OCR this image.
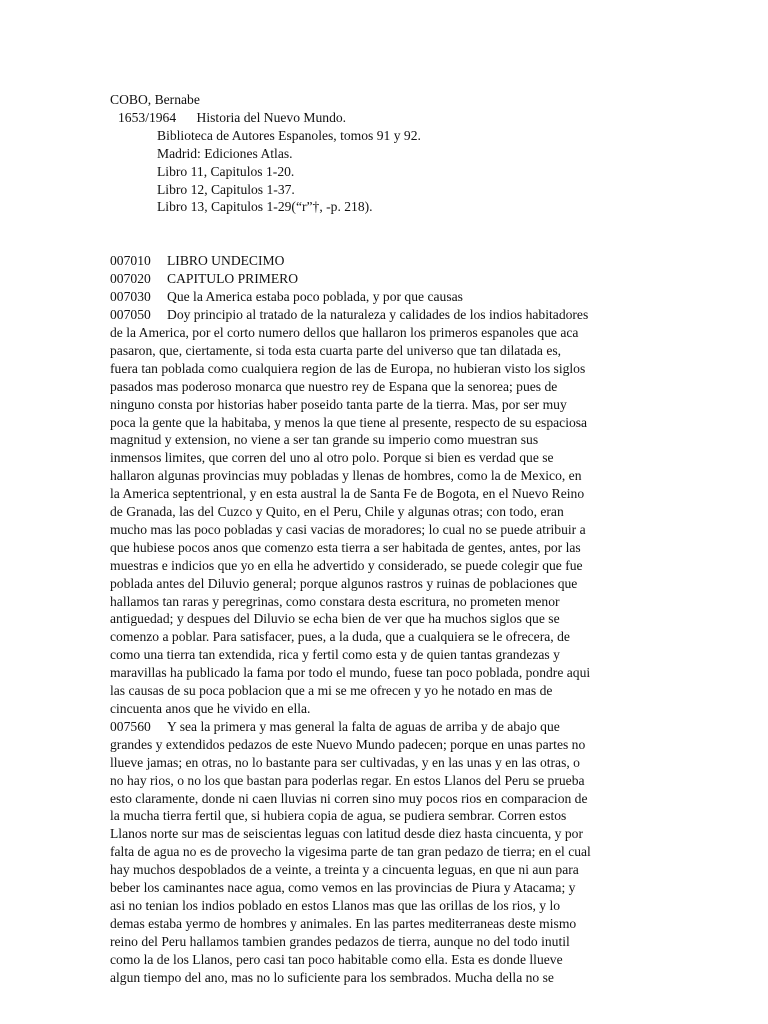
COBO, Bernabe
1653/1964 Historia del Nuevo Mundo.
Biblioteca de Autores Espanoles, tomos 91 y 92.
Madrid: Ediciones Atlas.
Libro 11, Capitulos 1-20.
Libro 12, Capitulos 1-37.
Libro 13, Capitulos 1-29(“r”†, -p. 218).
007010 LIBRO UNDECIMO
007020 CAPITULO PRIMERO
007030 Que la America estaba poco poblada, y por que causas
007050 Doy principio al tratado de la naturaleza y calidades de los indios habitadores
de la America, por el corto numero dellos que hallaron los primeros espanoles que aca
pasaron, que, ciertamente, si toda esta cuarta parte del universo que tan dilatada es,
fuera tan poblada como cualquiera region de las de Europa, no hubieran visto los siglos
pasados mas poderoso monarca que nuestro rey de Espana que la senorea; pues de
ninguno consta por historias haber poseido tanta parte de la tierra. Mas, por ser muy
poca la gente que la habitaba, y menos la que tiene al presente, respecto de su espaciosa
magnitud y extension, no viene a ser tan grande su imperio como muestran sus
inmensos limites, que corren del uno al otro polo. Porque si bien es verdad que se
hallaron algunas provincias muy pobladas y llenas de hombres, como la de Mexico, en
la America septentrional, y en esta austral la de Santa Fe de Bogota, en el Nuevo Reino
de Granada, las del Cuzco y Quito, en el Peru, Chile y algunas otras; con todo, eran
mucho mas las poco pobladas y casi vacias de moradores; lo cual no se puede atribuir a
que hubiese pocos anos que comenzo esta tierra a ser habitada de gentes, antes, por las
muestras e indicios que yo en ella he advertido y considerado, se puede colegir que fue
poblada antes del Diluvio general; porque algunos rastros y ruinas de poblaciones que
hallamos tan raras y peregrinas, como constara desta escritura, no prometen menor
antiguedad; y despues del Diluvio se echa bien de ver que ha muchos siglos que se
comenzo a poblar. Para satisfacer, pues, a la duda, que a cualquiera se le ofrecera, de
como una tierra tan extendida, rica y fertil como esta y de quien tantas grandezas y
maravillas ha publicado la fama por todo el mundo, fuese tan poco poblada, pondre aqui
las causas de su poca poblacion que a mi se me ofrecen y yo he notado en mas de
cincuenta anos que he vivido en ella.
007560 Y sea la primera y mas general la falta de aguas de arriba y de abajo que
grandes y extendidos pedazos de este Nuevo Mundo padecen; porque en unas partes no
llueve jamas; en otras, no lo bastante para ser cultivadas, y en las unas y en las otras, o
no hay rios, o no los que bastan para poderlas regar. En estos Llanos del Peru se prueba
esto claramente, donde ni caen lluvias ni corren sino muy pocos rios en comparacion de
la mucha tierra fertil que, si hubiera copia de agua, se pudiera sembrar. Corren estos
Llanos norte sur mas de seiscientas leguas con latitud desde diez hasta cincuenta, y por
falta de agua no es de provecho la vigesima parte de tan gran pedazo de tierra; en el cual
hay muchos despoblados de a veinte, a treinta y a cincuenta leguas, en que ni aun para
beber los caminantes nace agua, como vemos en las provincias de Piura y Atacama; y
asi no tenian los indios poblado en estos Llanos mas que las orillas de los rios, y lo
demas estaba yermo de hombres y animales. En las partes mediterraneas deste mismo
reino del Peru hallamos tambien grandes pedazos de tierra, aunque no del todo inutil
como la de los Llanos, pero casi tan poco habitable como ella. Esta es donde llueve
algun tiempo del ano, mas no lo suficiente para los sembrados. Mucha della no se
